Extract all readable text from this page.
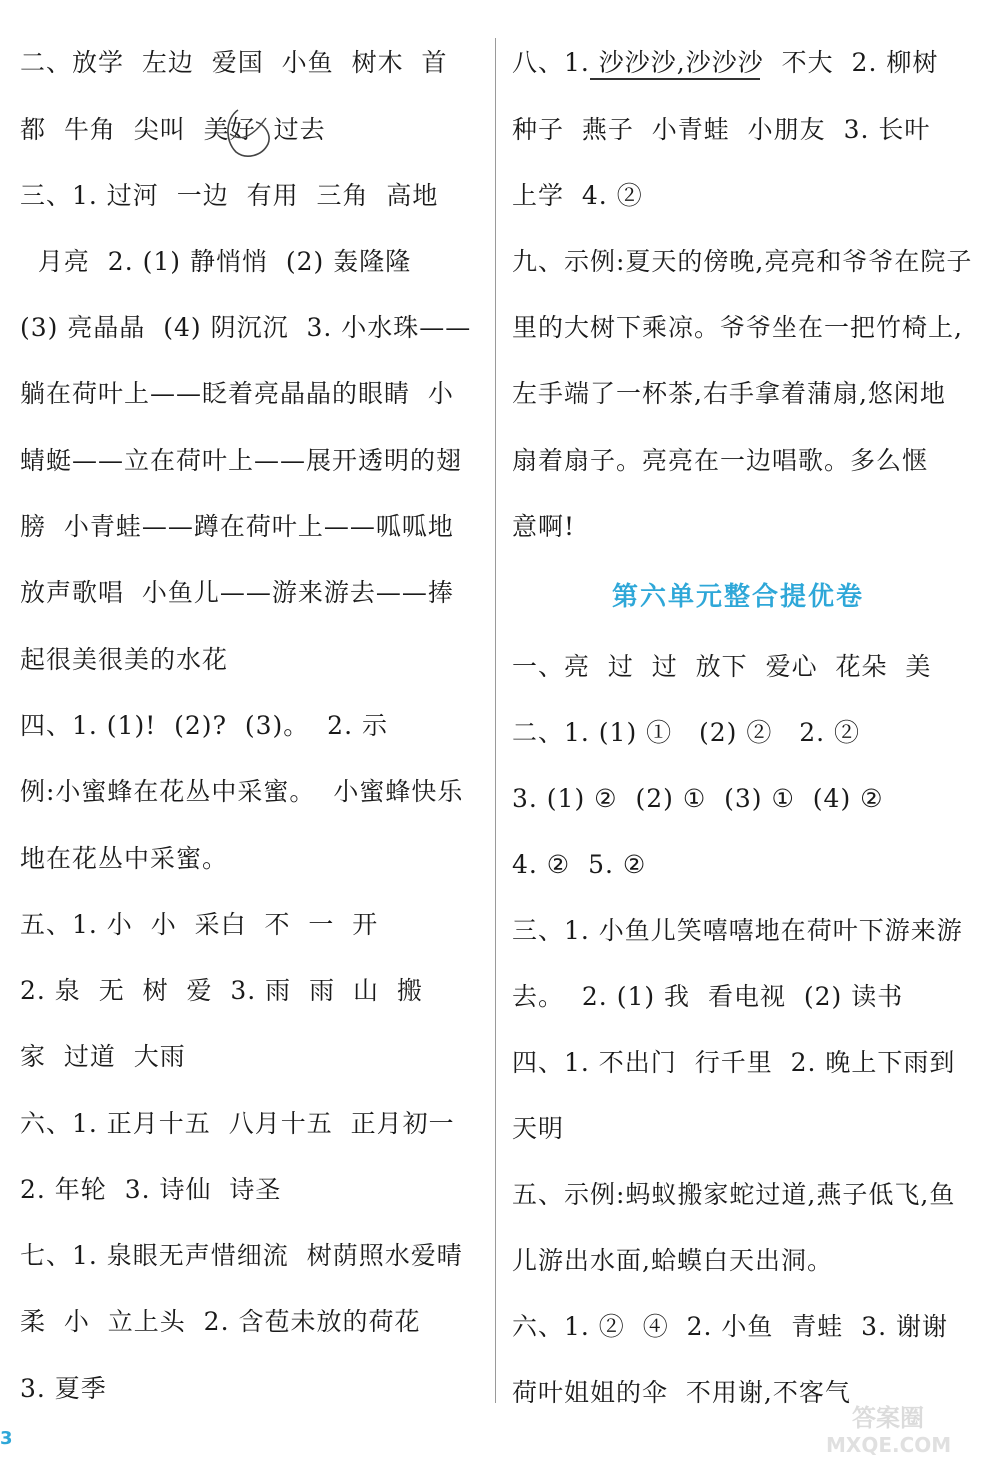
二、放学  左边  爱国  小鱼  树木  首
都  牛角  尖叫  美好  过去
三、1. 过河  一边  有用  三角  高地
月亮  2. (1) 静悄悄  (2) 轰隆隆
(3) 亮晶晶  (4) 阴沉沉  3. 小水珠——
躺在荷叶上——眨着亮晶晶的眼睛  小
蜻蜓——立在荷叶上——展开透明的翅
膀  小青蛙——蹲在荷叶上——呱呱地
放声歌唱  小鱼儿——游来游去——捧
起很美很美的水花
四、1. (1)!  (2)?  (3)。  2. 示
例:小蜜蜂在花丛中采蜜。  小蜜蜂快乐
地在花丛中采蜜。
五、1. 小  小  采白  不  一  开
2. 泉  无  树  爱  3. 雨  雨  山  搬
家  过道  大雨
六、1. 正月十五  八月十五  正月初一
2. 年轮  3. 诗仙  诗圣
七、1. 泉眼无声惜细流  树荫照水爱晴
柔  小  立上头  2. 含苞未放的荷花
3. 夏季
八、1. 沙沙沙,沙沙沙  不大  2. 柳树
种子  燕子  小青蛙  小朋友  3. 长叶
上学  4. ②
九、示例:夏天的傍晚,亮亮和爷爷在院子
里的大树下乘凉。爷爷坐在一把竹椅上,
左手端了一杯茶,右手拿着蒲扇,悠闲地
扇着扇子。亮亮在一边唱歌。多么惬
意啊!
第六单元整合提优卷
一、亮  过  过  放下  爱心  花朵  美
二、1. (1) ①   (2) ②   2. ②
3. (1) ②  (2) ①  (3) ①  (4) ②
4. ②  5. ②
三、1. 小鱼儿笑嘻嘻地在荷叶下游来游
去。  2. (1) 我  看电视  (2) 读书
四、1. 不出门  行千里  2. 晚上下雨到
天明
五、示例:蚂蚁搬家蛇过道,燕子低飞,鱼
儿游出水面,蛤蟆白天出洞。
六、1. ②  ④  2. 小鱼  青蛙  3. 谢谢
荷叶姐姐的伞  不用谢,不客气
3
答案圈
MXQE.COM
